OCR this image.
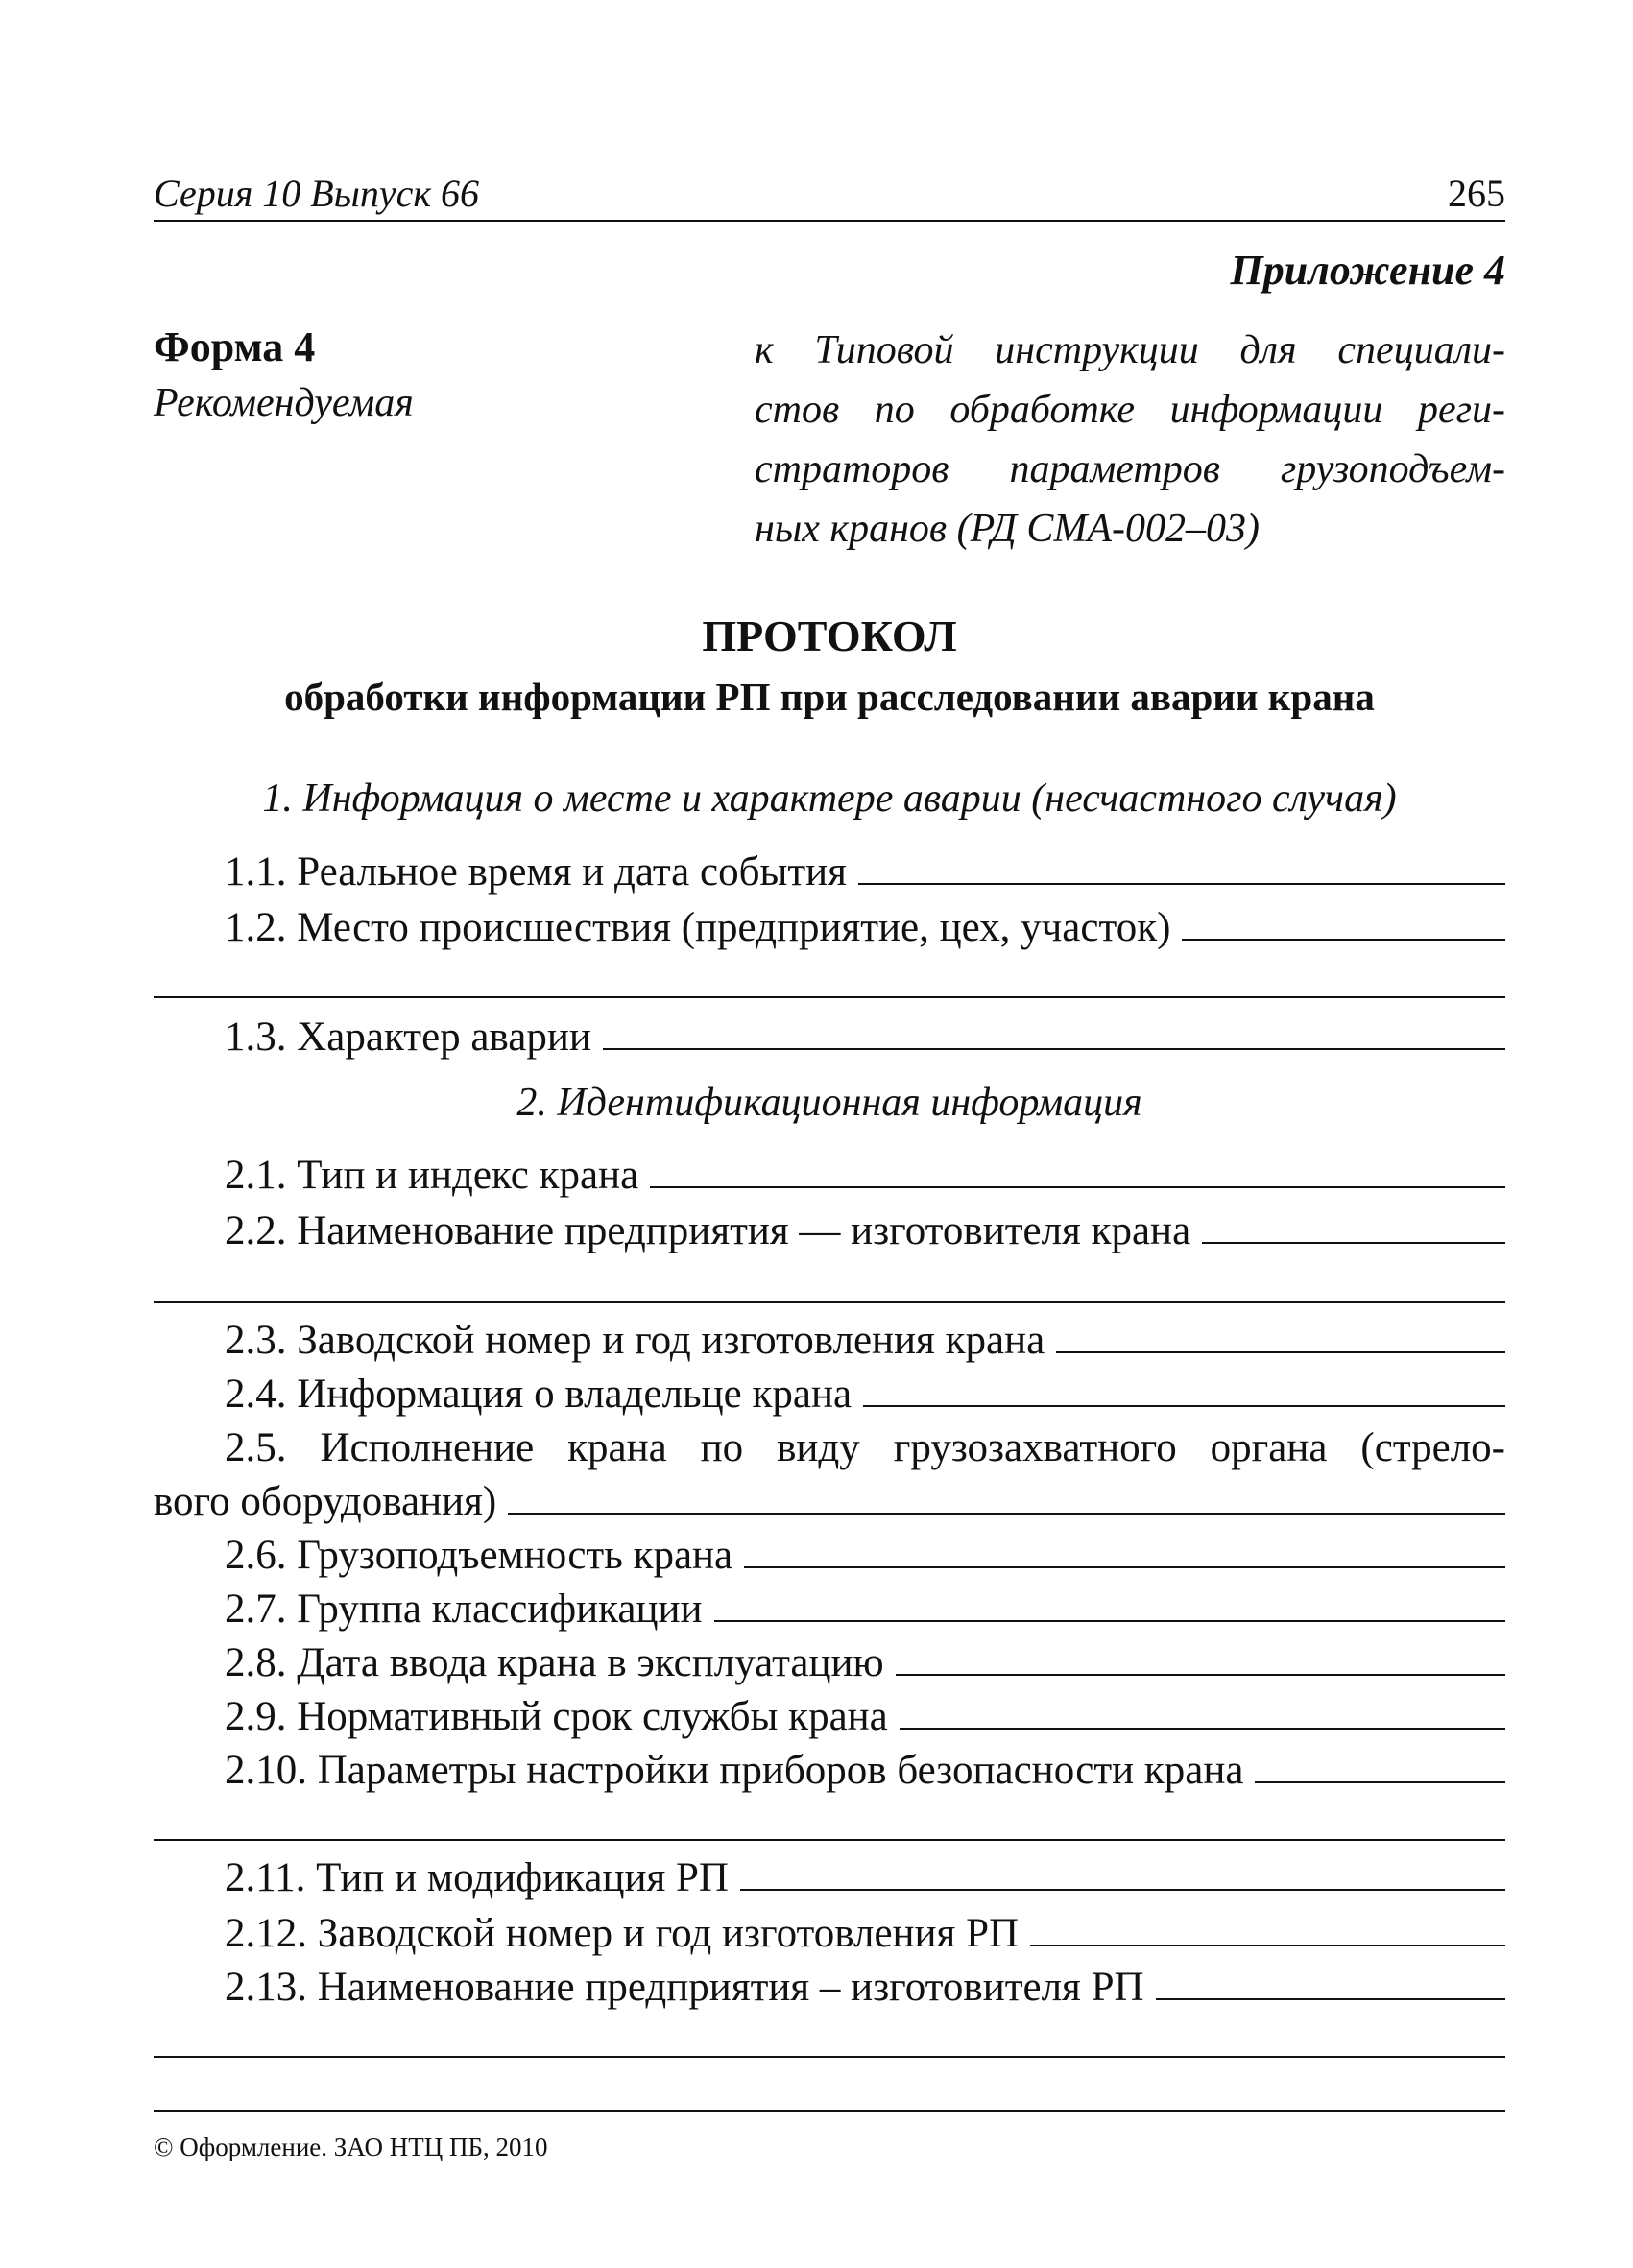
Серия 10 Выпуск 66	265
Приложение 4
Форма 4
Рекомендуемая
к Типовой инструкции для специали-
стов по обработке информации реги-
страторов параметров грузоподъем-
ных кранов (РД СМА-002–03)
ПРОТОКОЛ
обработки информации РП при расследовании аварии крана
1. Информация о месте и характере аварии (несчастного случая)
1.1. Реальное время и дата события
1.2. Место происшествия (предприятие, цех, участок)
1.3. Характер аварии
2. Идентификационная информация
2.1. Тип и индекс крана
2.2. Наименование предприятия — изготовителя крана
2.3. Заводской номер и год изготовления крана
2.4. Информация о владельце крана
2.5. Исполнение крана по виду грузозахватного органа (стрело-
вого оборудования)
2.6. Грузоподъемность крана
2.7. Группа классификации
2.8. Дата ввода крана в эксплуатацию
2.9. Нормативный срок службы крана
2.10. Параметры настройки приборов безопасности крана
2.11. Тип и модификация РП
2.12. Заводской номер и год изготовления РП
2.13. Наименование предприятия – изготовителя РП
© Оформление. ЗАО НТЦ ПБ, 2010
